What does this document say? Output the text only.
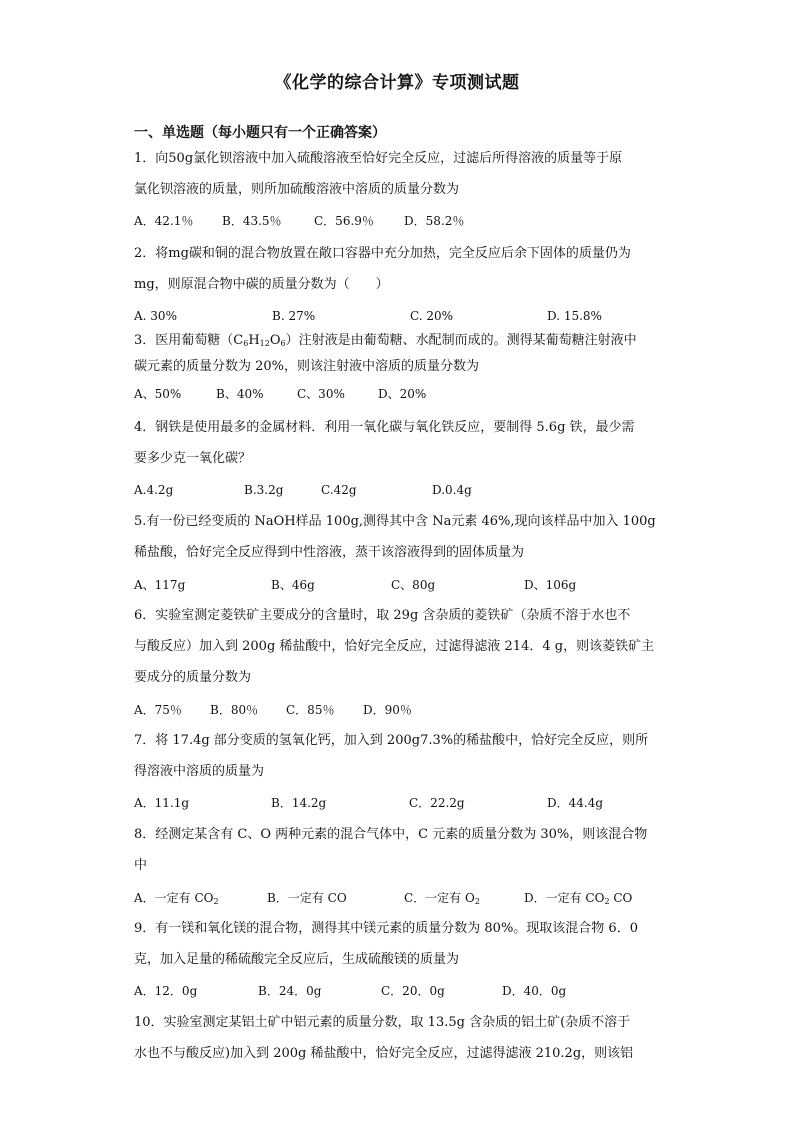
《化学的综合计算》专项测试题
一、单选题（每小题只有一个正确答案）
1．向50g氯化钡溶液中加入硫酸溶液至恰好完全反应，过滤后所得溶液的质量等于原
氯化钡溶液的质量，则所加硫酸溶液中溶质的质量分数为
A．42.1％ B．43.5％	C．56.9％	D．58.2％
2．将mg碳和铜的混合物放置在敞口容器中充分加热，完全反应后余下固体的质量仍为
mg，则原混合物中碳的质量分数为（　　）
A. 30%	B. 27%	C. 20%	D. 15.8%
3．医用葡萄糖$(C_6H_{12}O_6)$注射液是由葡萄糖、水配制而成的。测得某葡萄糖注射液中
碳元素的质量分数为 20%，则该注射液中溶质的质量分数为
A、50%	B、40%	C、30%	D、20%
4．钢铁是使用最多的金属材料．利用一氧化碳与氧化铁反应，要制得 5.6g 铁，最少需
要多少克一氧化碳？
A.4.2g	B.3.2g	C.42g	D.0.4g
5.有一份已经变质的 NaOH样品 100g,测得其中含 Na元素 46%,现向该样品中加入 100g
稀盐酸，恰好完全反应得到中性溶液，蒸干该溶液得到的固体质量为
A、117g	B、46g	C、80g	D、106g
6．实验室测定菱铁矿主要成分的含量时，取 29g 含杂质的菱铁矿（杂质不溶于水也不
与酸反应）加入到 200g 稀盐酸中，恰好完全反应，过滤得滤液 214．4 g，则该菱铁矿主
要成分的质量分数为
A．75％ B．80％ C．85％ D．90％
7．将 17.4g 部分变质的氢氧化钙，加入到 200g7.3%的稀盐酸中，恰好完全反应，则所
得溶液中溶质的质量为
A．11.1g	B．14.2g	C．22.2g	D．44.4g
8．经测定某含有 C、O 两种元素的混合气体中，C 元素的质量分数为 30%，则该混合物
中
A．一定有 $CO_2$	B．一定有 CO	C．一定有 $O_2$	D．一定有 $CO_2$ CO
9．有一镁和氧化镁的混合物，测得其中镁元素的质量分数为 80%。现取该混合物 6．0
克，加入足量的稀硫酸完全反应后，生成硫酸镁的质量为
A．12．0g	B．24．0g	C．20．0g	D．40．0g
10．实验室测定某铝土矿中铝元素的质量分数，取 13.5g 含杂质的铝土矿(杂质不溶于
水也不与酸反应)加入到 200g 稀盐酸中，恰好完全反应，过滤得滤液 210.2g，则该铝
